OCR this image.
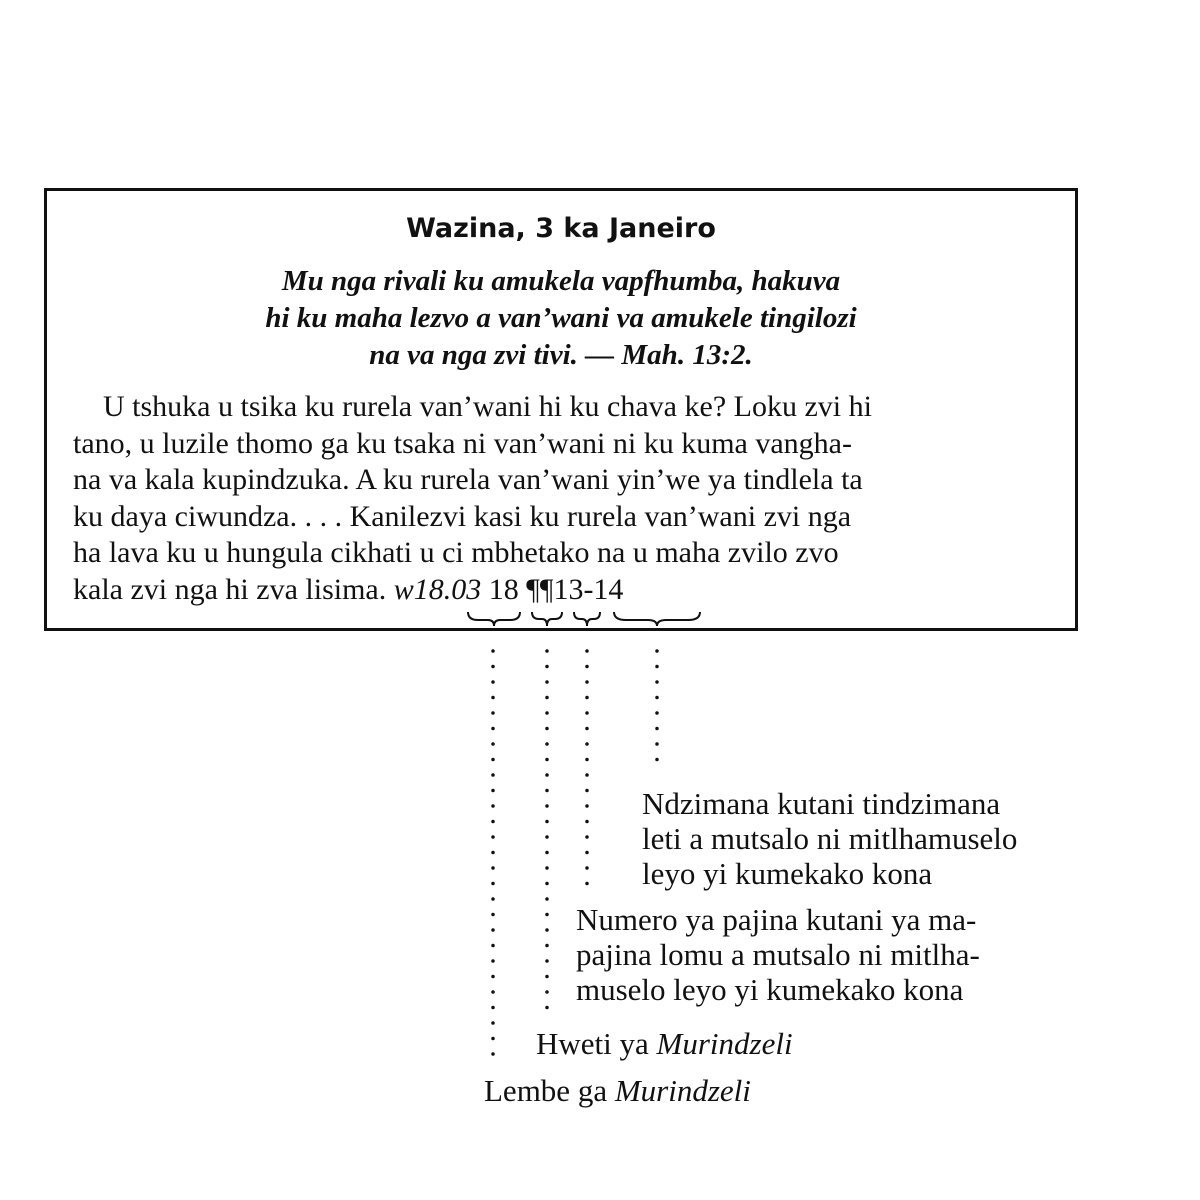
Wazina, 3 ka Janeiro
Mu nga rivali ku amukela vapfhumba, hakuva
hi ku maha lezvo a van’wani va amukele tingilozi
na va nga zvi tivi. — Mah. 13:2.
U tshuka u tsika ku rurela van’wani hi ku chava ke? Loku zvi hi
tano, u luzile thomo ga ku tsaka ni van’wani ni ku kuma vangha-
na va kala kupindzuka. A ku rurela van’wani yin’we ya tindlela ta
ku daya ciwundza. . . . Kanilezvi kasi ku rurela van’wani zvi nga
ha lava ku u hungula cikhati u ci mbhetako na u maha zvilo zvo
kala zvi nga hi zva lisima. w18.03 18 ¶¶13-14
Ndzimana kutani tindzimana
leti a mutsalo ni mitlhamuselo
leyo yi kumekako kona
Numero ya pajina kutani ya ma-
pajina lomu a mutsalo ni mitlha-
muselo leyo yi kumekako kona
Hweti ya Murindzeli
Lembe ga Murindzeli
